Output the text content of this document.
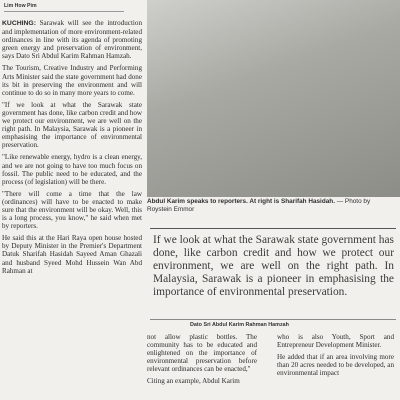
Lim How Pim

KUCHING: Sarawak will see the introduction and implementation of more environment-related ordinances in line with its agenda of promoting green energy and preservation of environment, says Dato Sri Abdul Karim Rahman Hamzah.

The Tourism, Creative Industry and Performing Arts Minister said the state government had done its bit in preserving the environment and will continue to do so in many more years to come.

"If we look at what the Sarawak state government has done, like carbon credit and how we protect our environment, we are well on the right path. In Malaysia, Sarawak is a pioneer in emphasising the importance of environmental preservation.

"Like renewable energy, hydro is a clean energy, and we are not going to have too much focus on fossil. The public need to be educated, and the process (of legislation) will be there.

"There will come a time that the law (ordinances) will have to be enacted to make sure that the environment will be okay. Well, this is a long process, you know," he said when met by reporters.

He said this at the Hari Raya open house hosted by Deputy Minister in the Premier's Department Datuk Sharifah Hasidah Sayeed Aman Ghazali and husband Syeed Mohd Hussein Wan Abd Rahman at

Abdul Karim speaks to reporters. At right is Sharifah Hasidah. — Photo by Roystein Emmor
If we look at what the Sarawak state government has done, like carbon credit and how we protect our environment, we are well on the right path. In Malaysia, Sarawak is a pioneer in emphasising the importance of environmental preservation.
Dato Sri Abdul Karim Rahman Hamzah

not allow plastic bottles. The community has to be educated and enlightened on the importance of environmental preservation before relevant ordinances can be enacted,"

Citing an example, Abdul Karim

who is also Youth, Sport and Entrepreneur Development Minister.

He added that if an area involving more than 20 acres needed to be developed, an environmental impact
